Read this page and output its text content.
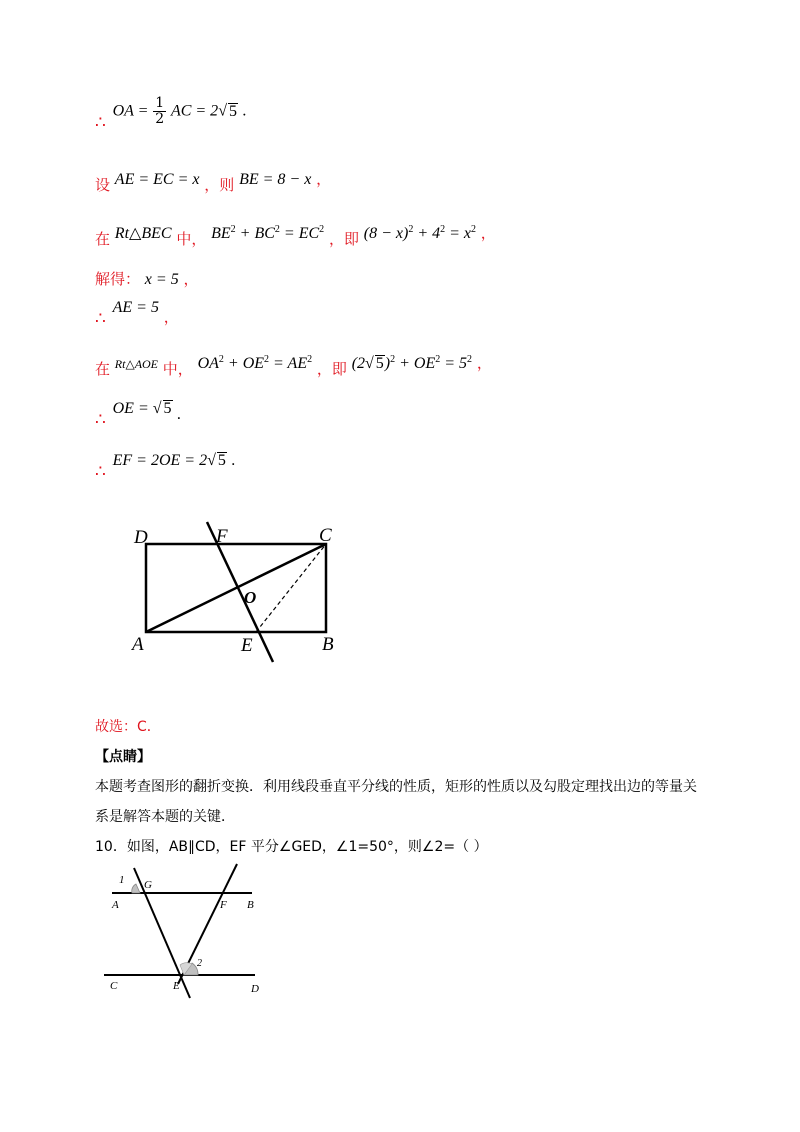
∴ OA = $\frac{1}{2}$ AC = 2√ 5 .
设 AE = EC = x ，则 BE = 8 − x ，
在 Rt△BEC 中， $BE^2 + BC^2 = EC^2$ ，即 $(8 - x)^2 + 4^2 = x^2$ ，
解得： x = 5 ，
∴ AE = 5 ，
在 Rt△AOE 中， $OA^2 + OE^2 = AE^2$ ，即 (2√ $5)^2 + OE^2 = 5^2$ ，
∴ OE = √ 5 .
∴ EF = 2OE = 2√ 5 .
D	F	C
O
A	E	B
故选：C．
【点睛】
本题考查图形的翻折变换．利用线段垂直平分线的性质，矩形的性质以及勾股定理找出边的等量关
系是解答本题的关键．
10．如图，AB∥CD，EF 平分∠GED，∠1=50°，则∠2=（ ）
1 G
A	F B
2
C	E	D
